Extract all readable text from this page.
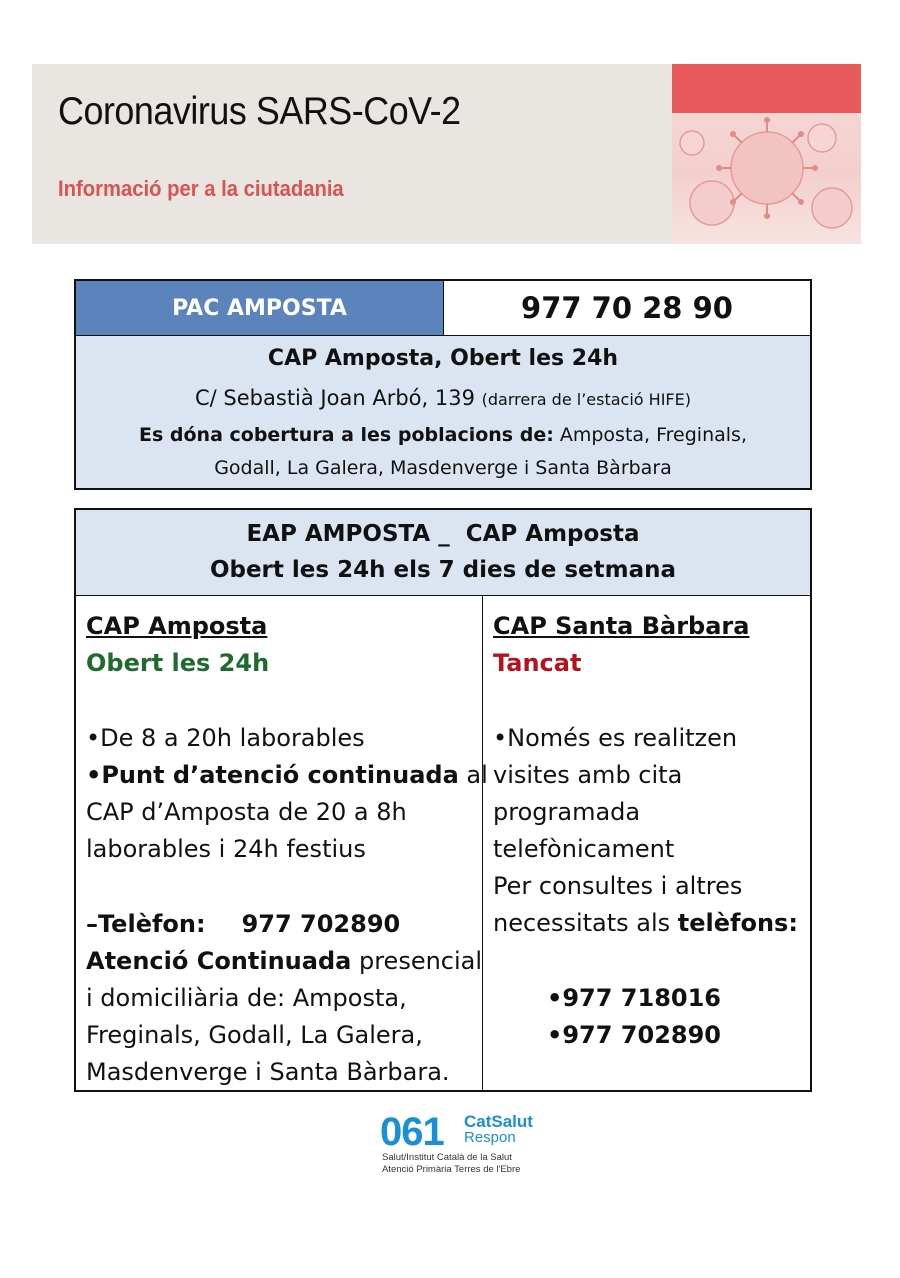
Coronavirus SARS-CoV-2
Informació per a la ciutadania
PAC AMPOSTA	977 70 28 90
CAP Amposta, Obert les 24h
C/ Sebastià Joan Arbó, 139 (darrera de l’estació HIFE)
Es dóna cobertura a les poblacions de: Amposta, Freginals,
Godall, La Galera, Masdenverge i Santa Bàrbara
EAP AMPOSTA _  CAP Amposta
Obert les 24h els 7 dies de setmana
CAP Amposta
Obert les 24h
•De 8 a 20h laborables
•Punt d’atenció continuada al
CAP d’Amposta de 20 a 8h
laborables i 24h festius
–Telèfon: 977 702890
Atenció Continuada presencial
i domiciliària de: Amposta,
Freginals, Godall, La Galera,
Masdenverge i Santa Bàrbara.
CAP Santa Bàrbara
Tancat
•Només es realitzen
visites amb cita
programada
telefònicament
Per consultes i altres
necessitats als telèfons:
•977 718016
•977 702890
061 CatSalut
Respon
Salut/Institut Català de la Salut
Atenció Primària Terres de l'Ebre
